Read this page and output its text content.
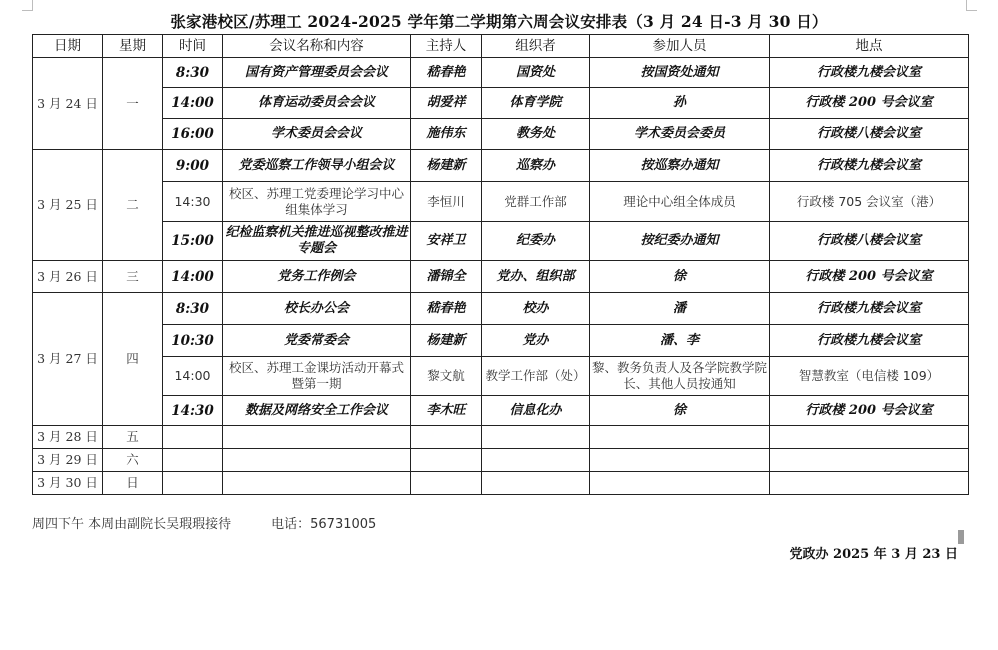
张家港校区/苏理工 2024-2025 学年第二学期第六周会议安排表（3 月 24 日-3 月 30 日）
日期	星期	时间	会议名称和内容	主持人	组织者	参加人员	地点
3 月 24 日	一	8:30	国有资产管理委员会会议	嵇春艳	国资处	按国资处通知	行政楼九楼会议室
		14:00	体育运动委员会会议	胡爱祥	体育学院	孙	行政楼 200 号会议室
		16:00	学术委员会会议	施伟东	教务处	学术委员会委员	行政楼八楼会议室
3 月 25 日	二	9:00	党委巡察工作领导小组会议	杨建新	巡察办	按巡察办通知	行政楼九楼会议室
		14:30	校区、苏理工党委理论学习中心组集体学习	李恒川	党群工作部	理论中心组全体成员	行政楼 705 会议室（港）
		15:00	纪检监察机关推进巡视整改推进专题会	安祥卫	纪委办	按纪委办通知	行政楼八楼会议室
3 月 26 日	三	14:00	党务工作例会	潘锦全	党办、组织部	徐	行政楼 200 号会议室
3 月 27 日	四	8:30	校长办公会	嵇春艳	校办	潘	行政楼九楼会议室
		10:30	党委常委会	杨建新	党办	潘、李	行政楼九楼会议室
		14:00	校区、苏理工金课坊活动开幕式暨第一期	黎文航	教学工作部（处）	黎、教务负责人及各学院教学院长、其他人员按通知	智慧教室（电信楼 109）
		14:30	数据及网络安全工作会议	李木旺	信息化办	徐	行政楼 200 号会议室
3 月 28 日	五						
3 月 29 日	六						
3 月 30 日	日						
周四下午 本周由副院长吴瑕瑕接待	电话：56731005
党政办 2025 年 3 月 23 日
